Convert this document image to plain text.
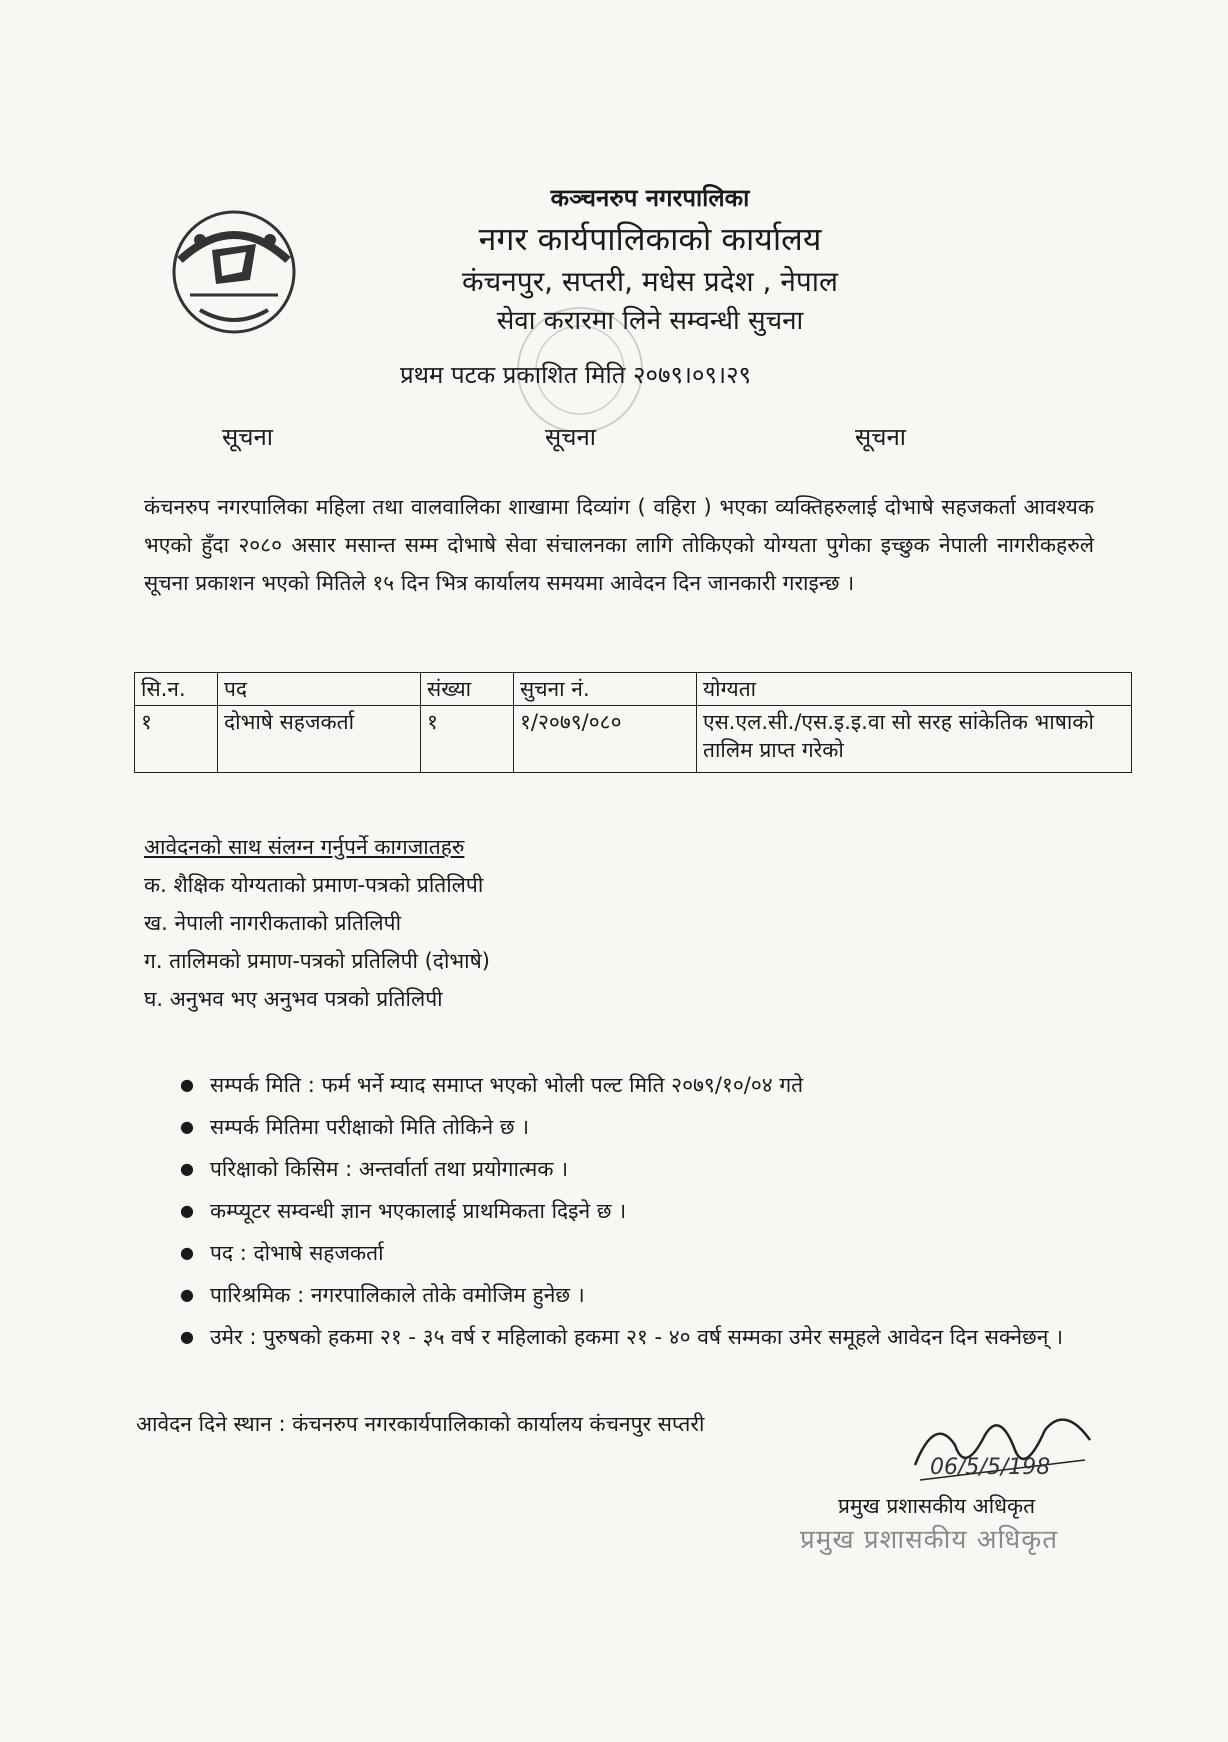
कञ्चनरुप नगरपालिका
नगर कार्यपालिकाको कार्यालय
कंचनपुर, सप्तरी, मधेस प्रदेश , नेपाल
सेवा करारमा लिने सम्वन्धी सुचना
प्रथम पटक प्रकाशित मिति २०७९।०९।२९
सूचना	सूचना	सूचना
कंचनरुप नगरपालिका महिला तथा वालवालिका शाखामा दिव्यांग ( वहिरा ) भएका व्यक्तिहरुलाई दोभाषे सहजकर्ता आवश्यक भएको हुँदा २०८० असार मसान्त सम्म दोभाषे सेवा संचालनका लागि तोकिएको योग्यता पुगेका इच्छुक नेपाली नागरीकहरुले सूचना प्रकाशन भएको मितिले १५ दिन भित्र कार्यालय समयमा आवेदन दिन जानकारी गराइन्छ ।
सि.न.	पद	संख्या	सुचना नं.	योग्यता
१	दोभाषे सहजकर्ता	१	१/२०७९/०८०	एस.एल.सी./एस.इ.इ.वा सो सरह सांकेतिक भाषाको तालिम प्राप्त गरेको
आवेदनको साथ संलग्न गर्नुपर्ने कागजातहरु
क. शैक्षिक योग्यताको प्रमाण-पत्रको प्रतिलिपी
ख. नेपाली नागरीकताको प्रतिलिपी
ग. तालिमको प्रमाण-पत्रको प्रतिलिपी (दोभाषे)
घ. अनुभव भए अनुभव पत्रको प्रतिलिपी
● सम्पर्क मिति : फर्म भर्ने म्याद समाप्त भएको भोली पल्ट मिति २०७९/१०/०४ गते
● सम्पर्क मितिमा परीक्षाको मिति तोकिने छ ।
● परिक्षाको किसिम : अन्तर्वार्ता तथा प्रयोगात्मक ।
● कम्प्यूटर सम्वन्धी ज्ञान भएकालाई प्राथमिकता दिइने छ ।
● पद : दोभाषे सहजकर्ता
● पारिश्रमिक : नगरपालिकाले तोके वमोजिम हुनेछ ।
● उमेर : पुरुषको हकमा २१ - ३५ वर्ष र महिलाको हकमा २१ - ४० वर्ष सम्मका उमेर समूहले आवेदन दिन सक्नेछन् ।
आवेदन दिने स्थान : कंचनरुप नगरकार्यपालिकाको कार्यालय कंचनपुर सप्तरी
06/5/5/198
प्रमुख प्रशासकीय अधिकृत
प्रमुख प्रशासकीय अधिकृत
